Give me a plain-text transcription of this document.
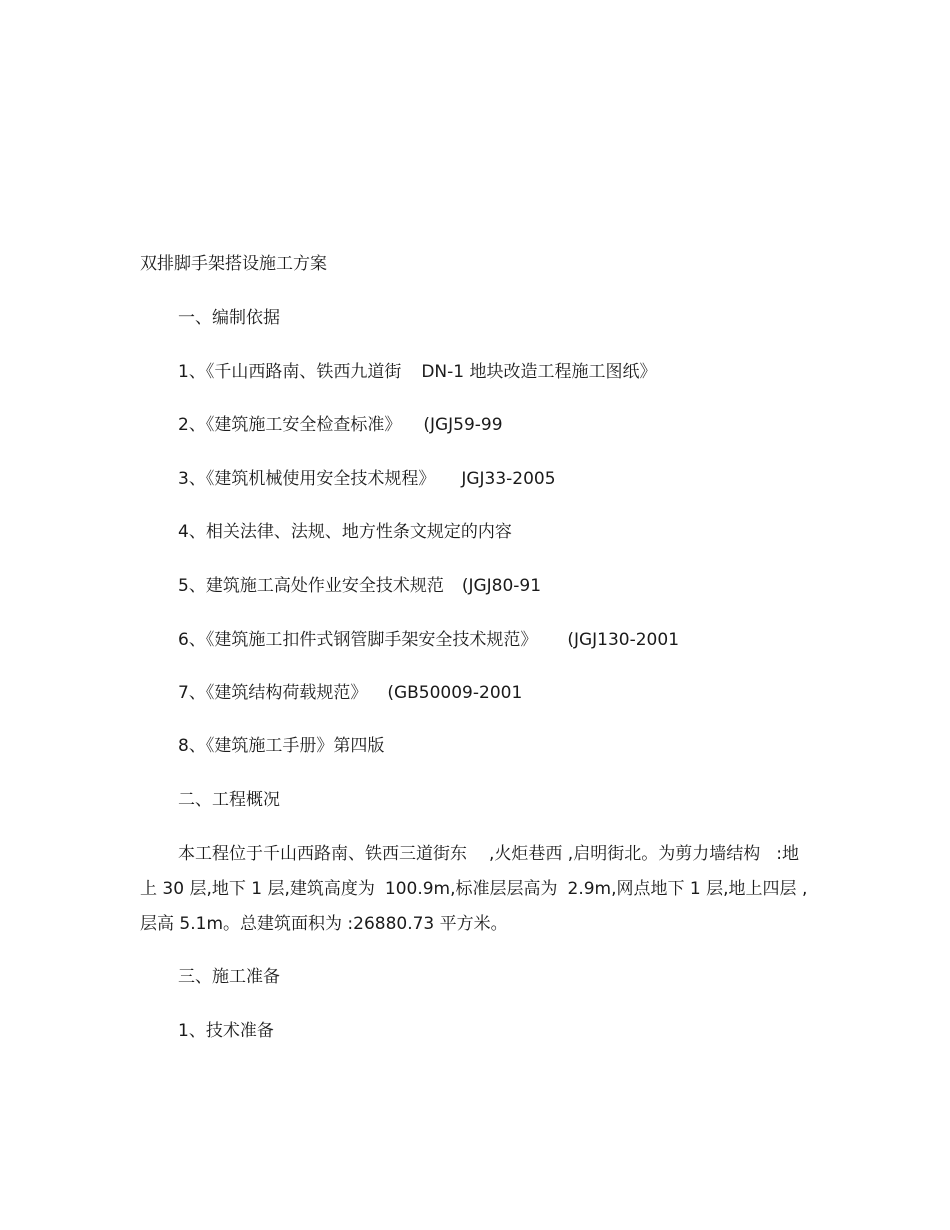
双排脚手架搭设施工方案
一、编制依据
1、《千山西路南、铁西九道街 DN-1 地块改造工程施工图纸》
2、《建筑施工安全检查标准》 (JGJ59-99
3、《建筑机械使用安全技术规程》 JGJ33-2005
4、相关法律、法规、地方性条文规定的内容
5、建筑施工高处作业安全技术规范 (JGJ80-91
6、《建筑施工扣件式钢管脚手架安全技术规范》 (JGJ130-2001
7、《建筑结构荷载规范》 (GB50009-2001
8、《建筑施工手册》第四版
二、工程概况
本工程位于千山西路南、铁西三道街东 ,火炬巷西 ,启明街北。为剪力墙结构 :地
上 30 层,地下 1 层,建筑高度为 100.9m,标准层层高为 2.9m,网点地下 1 层,地上四层 ,
层高 5.1m。总建筑面积为 :26880.73 平方米。
三、施工准备
1、技术准备
